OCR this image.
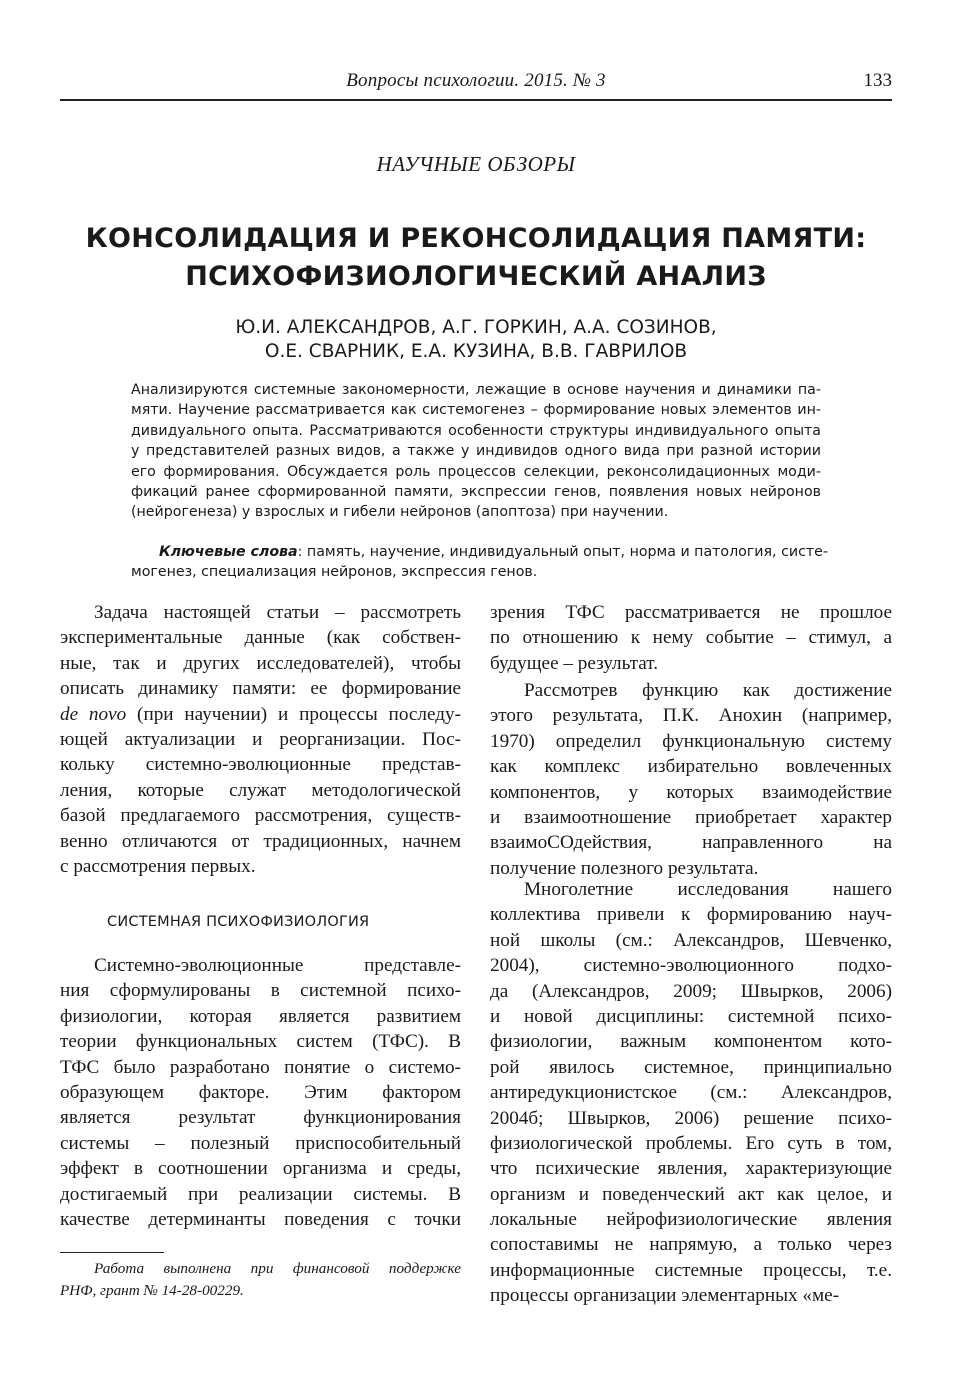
Вопросы психологии. 2015. № 3	133
НАУЧНЫЕ ОБЗОРЫ
КОНСОЛИДАЦИЯ И РЕКОНСОЛИДАЦИЯ ПАМЯТИ:
ПСИХОФИЗИОЛОГИЧЕСКИЙ АНАЛИЗ
Ю.И. АЛЕКСАНДРОВ, А.Г. ГОРКИН, А.А. СОЗИНОВ,
О.Е. СВАРНИК, Е.А. КУЗИНА, В.В. ГАВРИЛОВ
Анализируются системные закономерности, лежащие в основе научения и динамики па-
мяти. Научение рассматривается как системогенез – формирование новых элементов ин-
дивидуального опыта. Рассматриваются особенности структуры индивидуального опыта
у представителей разных видов, а также у индивидов одного вида при разной истории
его формирования. Обсуждается роль процессов селекции, реконсолидационных моди-
фикаций ранее сформированной памяти, экспрессии генов, появления новых нейронов
(нейрогенеза) у взрослых и гибели нейронов (апоптоза) при научении.
Ключевые слова: память, научение, индивидуальный опыт, норма и патология, систе-
могенез, специализация нейронов, экспрессия генов.
Задача настоящей статьи – рассмотреть
экспериментальные данные (как собствен-
ные, так и других исследователей), чтобы
описать динамику памяти: ее формирование
de novo (при научении) и процессы последу-
ющей актуализации и реорганизации. Пос-
кольку системно-эволюционные представ-
ления, которые служат методологической
базой предлагаемого рассмотрения, существ-
венно отличаются от традиционных, начнем
с рассмотрения первых.
СИСТЕМНАЯ ПСИХОФИЗИОЛОГИЯ
Системно-эволюционные представле-
ния сформулированы в системной психо-
физиологии, которая является развитием
теории функциональных систем (ТФС). В
ТФС было разработано понятие о системо-
образующем факторе. Этим фактором
является результат функционирования
системы – полезный приспособительный
эффект в соотношении организма и среды,
достигаемый при реализации системы. В
качестве детерминанты поведения с точки
Работа выполнена при финансовой поддержке
РНФ, грант № 14-28-00229.
зрения ТФС рассматривается не прошлое
по отношению к нему событие – стимул, а
будущее – результат.
Рассмотрев функцию как достижение
этого результата, П.К. Анохин (например,
1970) определил функциональную систему
как комплекс избирательно вовлеченных
компонентов, у которых взаимодействие
и взаимоотношение приобретает характер
взаимоСОдействия, направленного на
получение полезного результата.
Многолетние исследования нашего
коллектива привели к формированию науч-
ной школы (см.: Александров, Шевченко,
2004), системно-эволюционного подхо-
да (Александров, 2009; Швырков, 2006)
и новой дисциплины: системной психо-
физиологии, важным компонентом кото-
рой явилось системное, принципиально
антиредукционистское (см.: Александров,
2004б; Швырков, 2006) решение психо-
физиологической проблемы. Его суть в том,
что психические явления, характеризующие
организм и поведенческий акт как целое, и
локальные нейрофизиологические явления
сопоставимы не напрямую, а только через
информационные системные процессы, т.е.
процессы организации элементарных «ме-
